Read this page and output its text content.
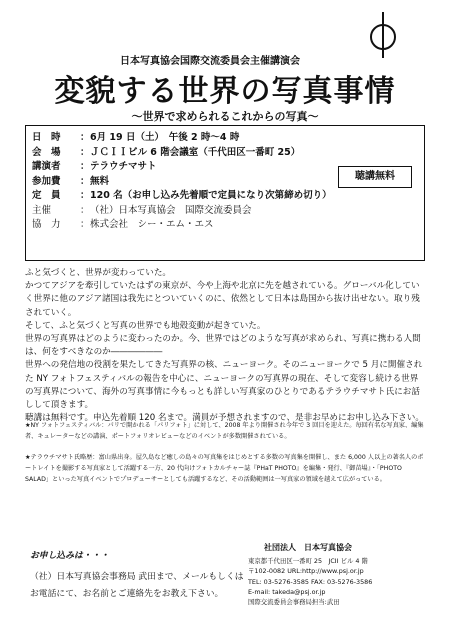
日本写真協会国際交流委員会主催講演会
変貌する世界の写真事情
～世界で求められるこれからの写真～
日　時 ：6月 19 日（土）　午後 2 時～4 時
会　場 ：ＪＣＩＩビル 6 階会議室（千代田区一番町 25）
講演者 ：テラウチマサト
参加費 ：無料
定　員 ：120 名（お申し込み先着順で定員になり次第締め切り）
主催	：（社）日本写真協会　国際交流委員会
協　力 ：株式会社　シー・エム・エス
聴講無料

ふと気づくと、世界が変わっていた。

かつてアジアを牽引していたはずの東京が、今や上海や北京に先を越されている。グローバル化していく世界に他のアジア諸国は我先にとついていくのに、依然として日本は島国から抜け出せない。取り残されていく。

そして、ふと気づくと写真の世界でも地殻変動が起きていた。

世界の写真界はどのように変わったのか。今、世界ではどのような写真が求められ、写真に携わる人間は、何をすべきなのか――――――

世界への発信地の役割を果たしてきた写真界の核、ニューヨーク。そのニューヨークで 5 月に開催された NY フォトフェスティバルの報告を中心に、ニューヨークの写真界の現在、そして変容し続ける世界の写真界について、海外の写真事情に今もっとも詳しい写真家のひとりであるテラウチマサト氏にお話しして頂きます。

聴講は無料です。申込先着順 120 名まで。満員が予想されますので、是非お早めにお申し込み下さい。

★NY フォトフェスティバル：パリで開かれる「パリフォト」に対して、2008 年より開催され今年で 3 回目を迎えた。毎回有名な写真家、編集者、キュレーターなどの講演、ポートフォリオレビューなどのイベントが多数開催されている。

★テラウチマサト氏略歴：富山県出身。屋久島など癒しの島々の写真集をはじめとする多数の写真集を開催し、また 6,000 人以上の著名人のポートレイトを撮影する写真家として活躍する一方、20 代向けフォトカルチャー誌『PHaT PHOTO』を編集・発行、『御苗場』・「PHOTO SALAD」といった写真イベントでプロデューサーとしても活躍するなど、その活動範囲は一写真家の領域を越えて広がっている。

お申し込みは・・・
（社）日本写真協会事務局 武田まで、メールもしくは
お電話にて、お名前とご連絡先をお教え下さい。
社団法人　日本写真協会
東京都千代田区一番町 25　JCII ビル 4 階
〒102-0082 URL:http://www.psj.or.jp
TEL: 03-5276-3585 FAX: 03-5276-3586
E-mail: takeda@psj.or.jp
国際交流委員会事務局担当:武田
